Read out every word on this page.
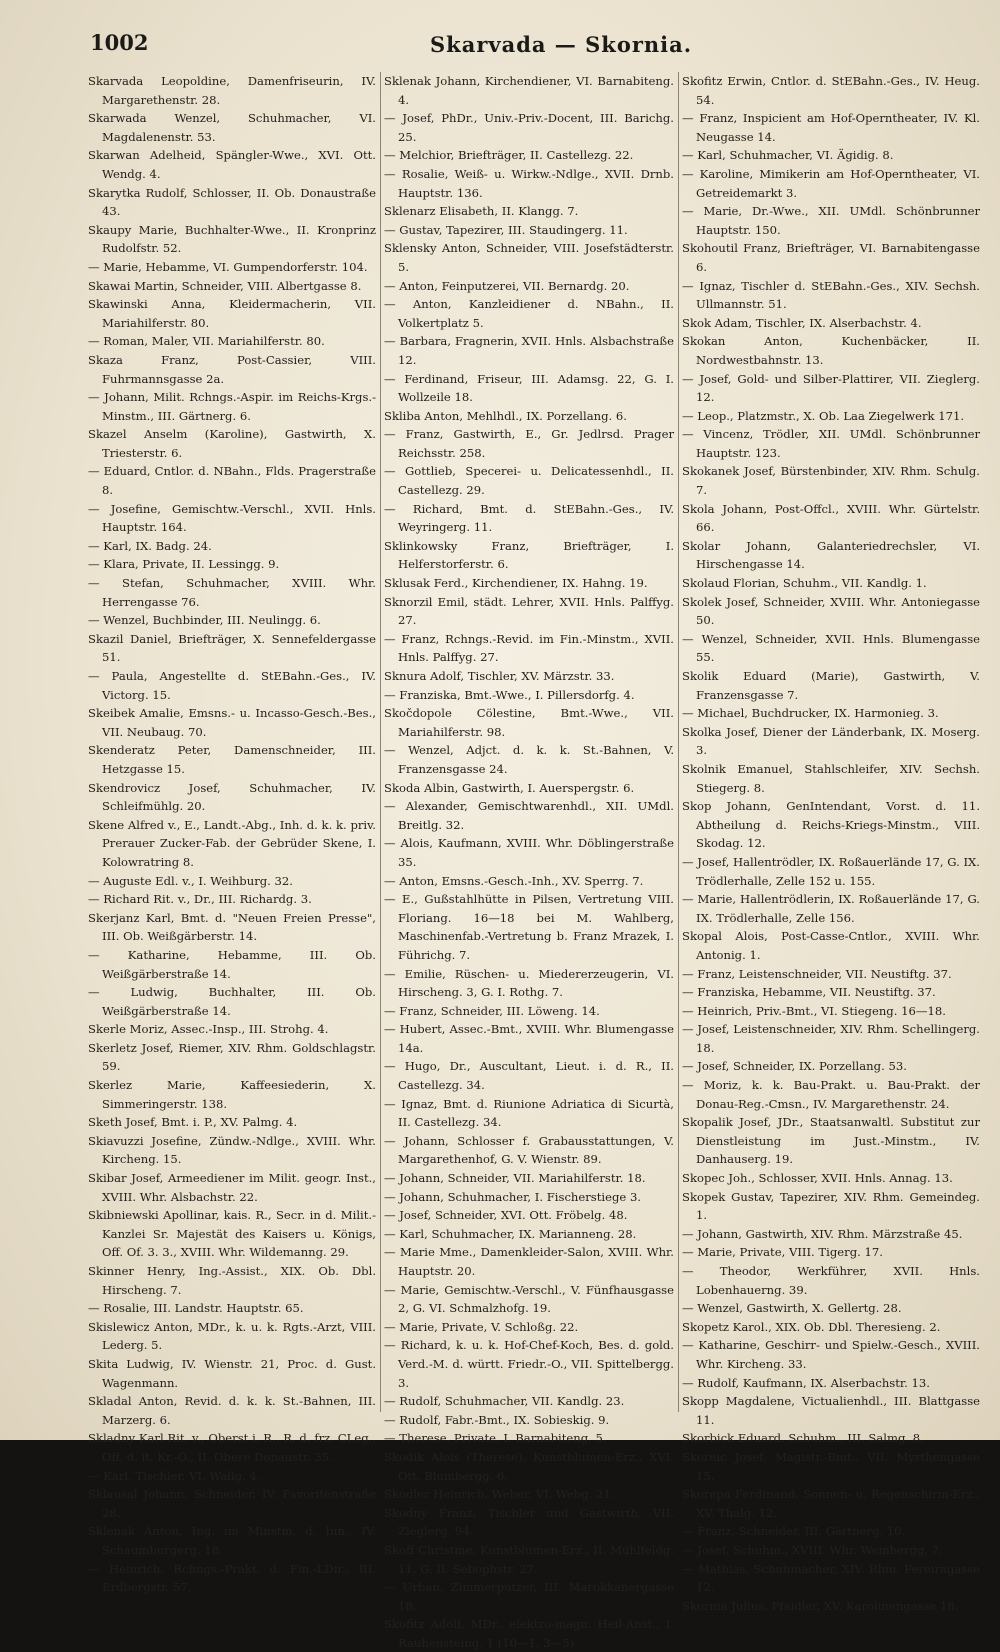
1002	Skarvada — Skornia.

Skarvada Leopoldine, Damenfriseurin, IV. Margarethenstr. 28.

Skarwada Wenzel, Schuhmacher, VI. Magdalenenstr. 53.

Skarwan Adelheid, Spängler-Wwe., XVI. Ott. Wendg. 4.

Skarytka Rudolf, Schlosser, II. Ob. Donaustraße 43.

Skaupy Marie, Buchhalter-Wwe., II. Kronprinz Rudolfstr. 52.

— Marie, Hebamme, VI. Gumpendorferstr. 104.

Skawai Martin, Schneider, VIII. Albertgasse 8.

Skawinski Anna, Kleidermacherin, VII. Mariahilferstr. 80.

— Roman, Maler, VII. Mariahilferstr. 80.

Skaza Franz, Post-Cassier, VIII. Fuhrmannsgasse 2a.

— Johann, Milit. Rchngs.-Aspir. im Reichs-Krgs.-Minstm., III. Gärtnerg. 6.

Skazel Anselm (Karoline), Gastwirth, X. Triesterstr. 6.

— Eduard, Cntlor. d. NBahn., Flds. Pragerstraße 8.

— Josefine, Gemischtw.-Verschl., XVII. Hnls. Hauptstr. 164.

— Karl, IX. Badg. 24.

— Klara, Private, II. Lessingg. 9.

— Stefan, Schuhmacher, XVIII. Whr. Herrengasse 76.

— Wenzel, Buchbinder, III. Neulingg. 6.

Skazil Daniel, Briefträger, X. Sennefeldergasse 51.

— Paula, Angestellte d. StEBahn.-Ges., IV. Victorg. 15.

Skeibek Amalie, Emsns.- u. Incasso-Gesch.-Bes., VII. Neubaug. 70.

Skenderatz Peter, Damenschneider, III. Hetzgasse 15.

Skendrovicz Josef, Schuhmacher, IV. Schleifmühlg. 20.

Skene Alfred v., E., Landt.-Abg., Inh. d. k. k. priv. Prerauer Zucker-Fab. der Gebrüder Skene, I. Kolowratring 8.

— Auguste Edl. v., I. Weihburg. 32.

— Richard Rit. v., Dr., III. Richardg. 3.

Skerjanz Karl, Bmt. d. "Neuen Freien Presse", III. Ob. Weißgärberstr. 14.

— Katharine, Hebamme, III. Ob. Weißgärberstraße 14.

— Ludwig, Buchhalter, III. Ob. Weißgärberstraße 14.

Skerle Moriz, Assec.-Insp., III. Strohg. 4.

Skerletz Josef, Riemer, XIV. Rhm. Goldschlagstr. 59.

Skerlez Marie, Kaffeesiederin, X. Simmeringerstr. 138.

Sketh Josef, Bmt. i. P., XV. Palmg. 4.

Skiavuzzi Josefine, Zündw.-Ndlge., XVIII. Whr. Kircheng. 15.

Skibar Josef, Armeediener im Milit. geogr. Inst., XVIII. Whr. Alsbachstr. 22.

Skibniewski Apollinar, kais. R., Secr. in d. Milit.-Kanzlei Sr. Majestät des Kaisers u. Königs, Off. Of. 3. 3., XVIII. Whr. Wildemanng. 29.

Skinner Henry, Ing.-Assist., XIX. Ob. Dbl. Hirscheng. 7.

— Rosalie, III. Landstr. Hauptstr. 65.

Skislewicz Anton, MDr., k. u. k. Rgts.-Arzt, VIII. Lederg. 5.

Skita Ludwig, IV. Wienstr. 21, Proc. d. Gust. Wagenmann.

Skladal Anton, Revid. d. k. k. St.-Bahnen, III. Marzerg. 6.

Skladny Karl Rit. v., Oberst i. R., R. d. frz. CLeg., Off. d. it. Kr.-O., II. Obere Donaustr. 35.

— Karl, Tischler, VI. Wallg. 4.

Sklausal Johann, Schneider, IV. Favoritenstraße 28.

Sklenak Anton, Ing. im Minstm. d. Inn., IV. Schaumburgerg. 18.

— Heinrich, Rchngs.-Prakt. d. Fin.-LDir., III. Erdbergstr. 57.

Sklenak Johann, Kirchendiener, VI. Barnabiteng. 4.

— Josef, PhDr., Univ.-Priv.-Docent, III. Barichg. 25.

— Melchior, Briefträger, II. Castellezg. 22.

— Rosalie, Weiß- u. Wirkw.-Ndlge., XVII. Drnb. Hauptstr. 136.

Sklenarz Elisabeth, II. Klangg. 7.

— Gustav, Tapezirer, III. Staudingerg. 11.

Sklensky Anton, Schneider, VIII. Josefstädterstr. 5.

— Anton, Feinputzerei, VII. Bernardg. 20.

— Anton, Kanzleidiener d. NBahn., II. Volkertplatz 5.

— Barbara, Fragnerin, XVII. Hnls. Alsbachstraße 12.

— Ferdinand, Friseur, III. Adamsg. 22, G. I. Wollzeile 18.

Skliba Anton, Mehlhdl., IX. Porzellang. 6.

— Franz, Gastwirth, E., Gr. Jedlrsd. Prager Reichsstr. 258.

— Gottlieb, Specerei- u. Delicatessenhdl., II. Castellezg. 29.

— Richard, Bmt. d. StEBahn.-Ges., IV. Weyringerg. 11.

Sklinkowsky Franz, Briefträger, I. Helferstorferstr. 6.

Sklusak Ferd., Kirchendiener, IX. Hahng. 19.

Sknorzil Emil, städt. Lehrer, XVII. Hnls. Palffyg. 27.

— Franz, Rchngs.-Revid. im Fin.-Minstm., XVII. Hnls. Palffyg. 27.

Sknura Adolf, Tischler, XV. Märzstr. 33.

— Franziska, Bmt.-Wwe., I. Pillersdorfg. 4.

Skočdopole Cölestine, Bmt.-Wwe., VII. Mariahilferstr. 98.

— Wenzel, Adjct. d. k. k. St.-Bahnen, V. Franzensgasse 24.

Skoda Albin, Gastwirth, I. Auerspergstr. 6.

— Alexander, Gemischtwarenhdl., XII. UMdl. Breitlg. 32.

— Alois, Kaufmann, XVIII. Whr. Döblingerstraße 35.

— Anton, Emsns.-Gesch.-Inh., XV. Sperrg. 7.

— E., Gußstahlhütte in Pilsen, Vertretung VIII. Floriang. 16—18 bei M. Wahlberg, Maschinenfab.-Vertretung b. Franz Mrazek, I. Führichg. 7.

— Emilie, Rüschen- u. Miedererzeugerin, VI. Hirscheng. 3, G. I. Rothg. 7.

— Franz, Schneider, III. Löweng. 14.

— Hubert, Assec.-Bmt., XVIII. Whr. Blumengasse 14a.

— Hugo, Dr., Auscultant, Lieut. i. d. R., II. Castellezg. 34.

— Ignaz, Bmt. d. Riunione Adriatica di Sicurtà, II. Castellezg. 34.

— Johann, Schlosser f. Grabausstattungen, V. Margarethenhof, G. V. Wienstr. 89.

— Johann, Schneider, VII. Mariahilferstr. 18.

— Johann, Schuhmacher, I. Fischerstiege 3.

— Josef, Schneider, XVI. Ott. Fröbelg. 48.

— Karl, Schuhmacher, IX. Marianneng. 28.

— Marie Mme., Damenkleider-Salon, XVIII. Whr. Hauptstr. 20.

— Marie, Gemischtw.-Verschl., V. Fünfhausgasse 2, G. VI. Schmalzhofg. 19.

— Marie, Private, V. Schloßg. 22.

— Richard, k. u. k. Hof-Chef-Koch, Bes. d. gold. Verd.-M. d. württ. Friedr.-O., VII. Spittelbergg. 3.

— Rudolf, Schuhmacher, VII. Kandlg. 23.

— Rudolf, Fabr.-Bmt., IX. Sobieskig. 9.

— Therese, Private, I. Barnabiteng. 5.

Skodik Alois (Therese), Kunstblumen-Erz., XVI. Ott. Blumbergg. 6.

Skodler Heinrich, Weber, VI. Webg. 21.

Skodny Franz, Tischler und Gastwirth, VII. Zieglerg. 94.

Skoff Christine, Kunstblumen-Erz., II. Mühlfeldg. 11, G. II. Sebophstr. 27.

— Urban, Zimmerputzer, III. Marokkanergasse 18.

Skofitz Adolf, MDr., elektro-magn. Heil-Anst., I. Rauhensteing. 1 (10—1, 3—5).

Skofitz Erwin, Cntlor. d. StEBahn.-Ges., IV. Heug. 54.

— Franz, Inspicient am Hof-Operntheater, IV. Kl. Neugasse 14.

— Karl, Schuhmacher, VI. Ägidig. 8.

— Karoline, Mimikerin am Hof-Operntheater, VI. Getreidemarkt 3.

— Marie, Dr.-Wwe., XII. UMdl. Schönbrunner Hauptstr. 150.

Skohoutil Franz, Briefträger, VI. Barnabitengasse 6.

— Ignaz, Tischler d. StEBahn.-Ges., XIV. Sechsh. Ullmannstr. 51.

Skok Adam, Tischler, IX. Alserbachstr. 4.

Skokan Anton, Kuchenbäcker, II. Nordwestbahnstr. 13.

— Josef, Gold- und Silber-Plattirer, VII. Zieglerg. 12.

— Leop., Platzmstr., X. Ob. Laa Ziegelwerk 171.

— Vincenz, Trödler, XII. UMdl. Schönbrunner Hauptstr. 123.

Skokanek Josef, Bürstenbinder, XIV. Rhm. Schulg. 7.

Skola Johann, Post-Offcl., XVIII. Whr. Gürtelstr. 66.

Skolar Johann, Galanteriedrechsler, VI. Hirschengasse 14.

Skolaud Florian, Schuhm., VII. Kandlg. 1.

Skolek Josef, Schneider, XVIII. Whr. Antoniegasse 50.

— Wenzel, Schneider, XVII. Hnls. Blumengasse 55.

Skolik Eduard (Marie), Gastwirth, V. Franzensgasse 7.

— Michael, Buchdrucker, IX. Harmonieg. 3.

Skolka Josef, Diener der Länderbank, IX. Moserg. 3.

Skolnik Emanuel, Stahlschleifer, XIV. Sechsh. Stiegerg. 8.

Skop Johann, GenIntendant, Vorst. d. 11. Abtheilung d. Reichs-Kriegs-Minstm., VIII. Skodag. 12.

— Josef, Hallentrödler, IX. Roßauerlände 17, G. IX. Trödlerhalle, Zelle 152 u. 155.

— Marie, Hallentrödlerin, IX. Roßauerlände 17, G. IX. Trödlerhalle, Zelle 156.

Skopal Alois, Post-Casse-Cntlor., XVIII. Whr. Antonig. 1.

— Franz, Leistenschneider, VII. Neustiftg. 37.

— Franziska, Hebamme, VII. Neustiftg. 37.

— Heinrich, Priv.-Bmt., VI. Stiegeng. 16—18.

— Josef, Leistenschneider, XIV. Rhm. Schellingerg. 18.

— Josef, Schneider, IX. Porzellang. 53.

— Moriz, k. k. Bau-Prakt. u. Bau-Prakt. der Donau-Reg.-Cmsn., IV. Margarethenstr. 24.

Skopalik Josef, JDr., Staatsanwaltl. Substitut zur Dienstleistung im Just.-Minstm., IV. Danhauserg. 19.

Skopec Joh., Schlosser, XVII. Hnls. Annag. 13.

Skopek Gustav, Tapezirer, XIV. Rhm. Gemeindeg. 1.

— Johann, Gastwirth, XIV. Rhm. Märzstraße 45.

— Marie, Private, VIII. Tigerg. 17.

— Theodor, Werkführer, XVII. Hnls. Lobenhauerng. 39.

— Wenzel, Gastwirth, X. Gellertg. 28.

Skopetz Karol., XIX. Ob. Dbl. Theresieng. 2.

— Katharine, Geschirr- und Spielw.-Gesch., XVIII. Whr. Kircheng. 33.

— Rudolf, Kaufmann, IX. Alserbachstr. 13.

Skopp Magdalene, Victualienhdl., III. Blattgasse 11.

Skorbick Eduard, Schuhm., III. Salmg. 8.

Skoreic Josef, Magistr.-Bmt., VII. Myrthengasse 15.

Skorepa Ferdinand, Sonnen- u. Regenschirm-Erz., XV. Thalg. 12.

— Franz, Schneider, III. Gärtnerg. 10.

— Josef, Schuhm., XVIII. Whr. Weinbergg. 7.

— Mathias, Schuhmacher, XIV. Rhm. Pereiragasse 12.

Skornia Julius, Pfaidler, XV. Karolinengasse 18.
